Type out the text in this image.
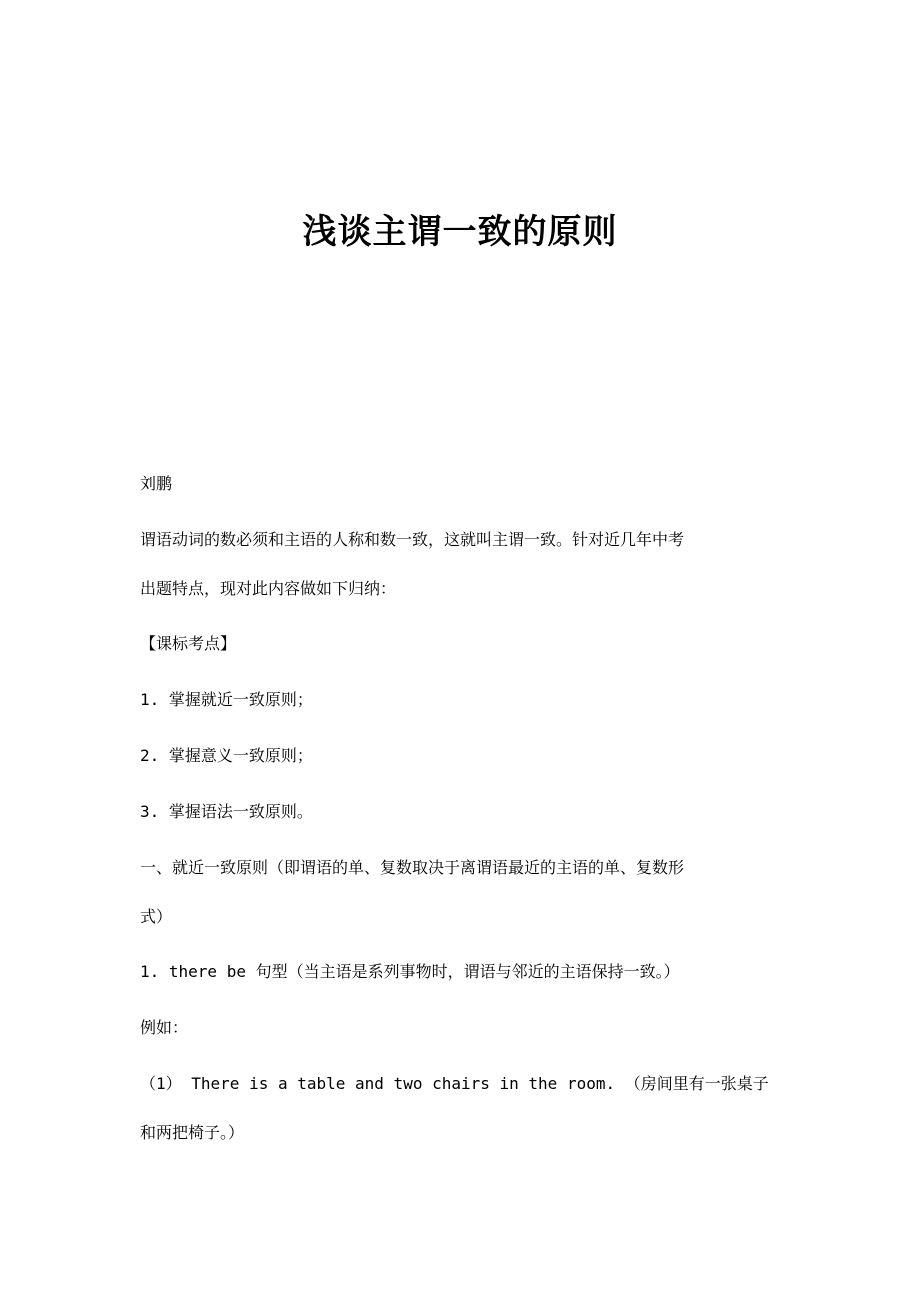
浅谈主谓一致的原则
刘鹏
谓语动词的数必须和主语的人称和数一致，这就叫主谓一致。针对近几年中考
出题特点，现对此内容做如下归纳：
【课标考点】
1. 掌握就近一致原则；
2. 掌握意义一致原则；
3. 掌握语法一致原则。
一、就近一致原则（即谓语的单、复数取决于离谓语最近的主语的单、复数形
式）
1. there be 句型（当主语是系列事物时，谓语与邻近的主语保持一致。）
例如：
（1） There is a table and two chairs in the room. （房间里有一张桌子
和两把椅子。）
